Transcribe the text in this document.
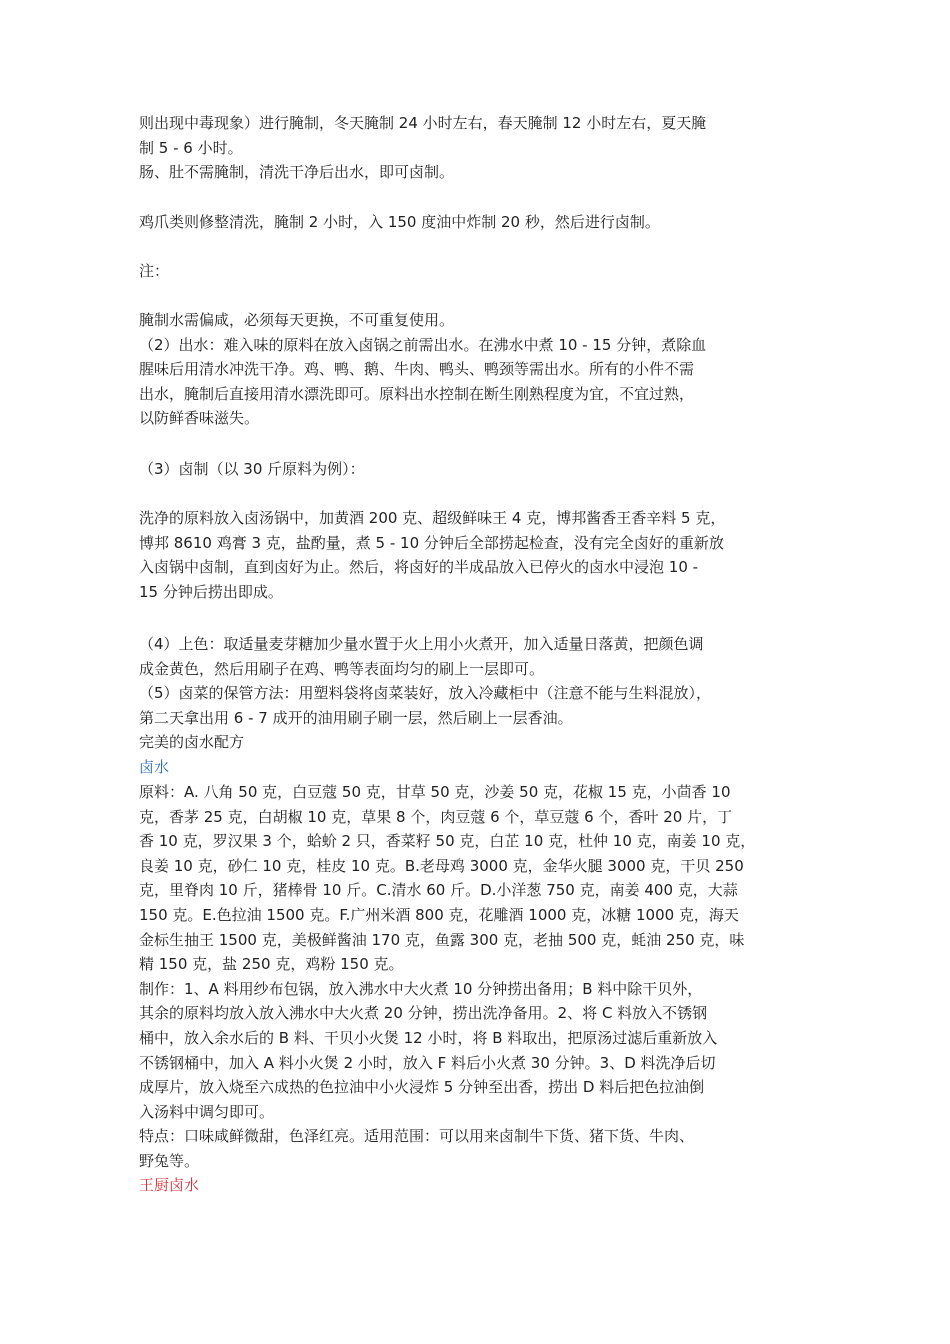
则出现中毒现象）进行腌制，冬天腌制 24 小时左右，春天腌制 12 小时左右，夏天腌
制 5 - 6 小时。
肠、肚不需腌制，清洗干净后出水，即可卤制。
鸡爪类则修整清洗，腌制 2 小时，入 150 度油中炸制 20 秒，然后进行卤制。
注：
腌制水需偏咸，必须每天更换，不可重复使用。
（2）出水：难入味的原料在放入卤锅之前需出水。在沸水中煮 10 - 15 分钟，煮除血
腥味后用清水冲洗干净。鸡、鸭、鹅、牛肉、鸭头、鸭颈等需出水。所有的小件不需
出水，腌制后直接用清水漂洗即可。原料出水控制在断生刚熟程度为宜，不宜过熟，
以防鲜香味滋失。
（3）卤制（以 30 斤原料为例）：
洗净的原料放入卤汤锅中，加黄酒 200 克、超级鲜味王 4 克，博邦酱香王香辛料 5 克，
博邦 8610 鸡膏 3 克，盐酌量，煮 5 - 10 分钟后全部捞起检查，没有完全卤好的重新放
入卤锅中卤制，直到卤好为止。然后，将卤好的半成品放入已停火的卤水中浸泡 10 -
15 分钟后捞出即成。
（4）上色：取适量麦芽糖加少量水置于火上用小火煮开，加入适量日落黄，把颜色调
成金黄色，然后用刷子在鸡、鸭等表面均匀的刷上一层即可。
（5）卤菜的保管方法：用塑料袋将卤菜装好，放入冷藏柜中（注意不能与生料混放），
第二天拿出用 6 - 7 成开的油用刷子刷一层，然后刷上一层香油。
完美的卤水配方
卤水
原料：A. 八角 50 克，白豆蔻 50 克，甘草 50 克，沙姜 50 克，花椒 15 克，小茴香 10
克，香茅 25 克，白胡椒 10 克，草果 8 个，肉豆蔻 6 个，草豆蔻 6 个，香叶 20 片，丁
香 10 克，罗汉果 3 个，蛤蚧 2 只，香菜籽 50 克，白芷 10 克，杜仲 10 克，南姜 10 克，
良姜 10 克，砂仁 10 克，桂皮 10 克。B.老母鸡 3000 克，金华火腿 3000 克，干贝 250
克，里脊肉 10 斤，猪棒骨 10 斤。C.清水 60 斤。D.小洋葱 750 克，南姜 400 克，大蒜
150 克。E.色拉油 1500 克。F.广州米酒 800 克，花雕酒 1000 克，冰糖 1000 克，海天
金标生抽王 1500 克，美极鲜酱油 170 克，鱼露 300 克，老抽 500 克，蚝油 250 克，味
精 150 克，盐 250 克，鸡粉 150 克。
制作：1、A 料用纱布包锅，放入沸水中大火煮 10 分钟捞出备用；B 料中除干贝外，
其余的原料均放入放入沸水中大火煮 20 分钟，捞出洗净备用。2、将 C 料放入不锈钢
桶中，放入余水后的 B 料、干贝小火煲 12 小时，将 B 料取出，把原汤过滤后重新放入
不锈钢桶中，加入 A 料小火煲 2 小时，放入 F 料后小火煮 30 分钟。3、D 料洗净后切
成厚片，放入烧至六成热的色拉油中小火浸炸 5 分钟至出香，捞出 D 料后把色拉油倒
入汤料中调匀即可。
特点：口味咸鲜微甜，色泽红亮。适用范围：可以用来卤制牛下货、猪下货、牛肉、
野兔等。
王厨卤水
